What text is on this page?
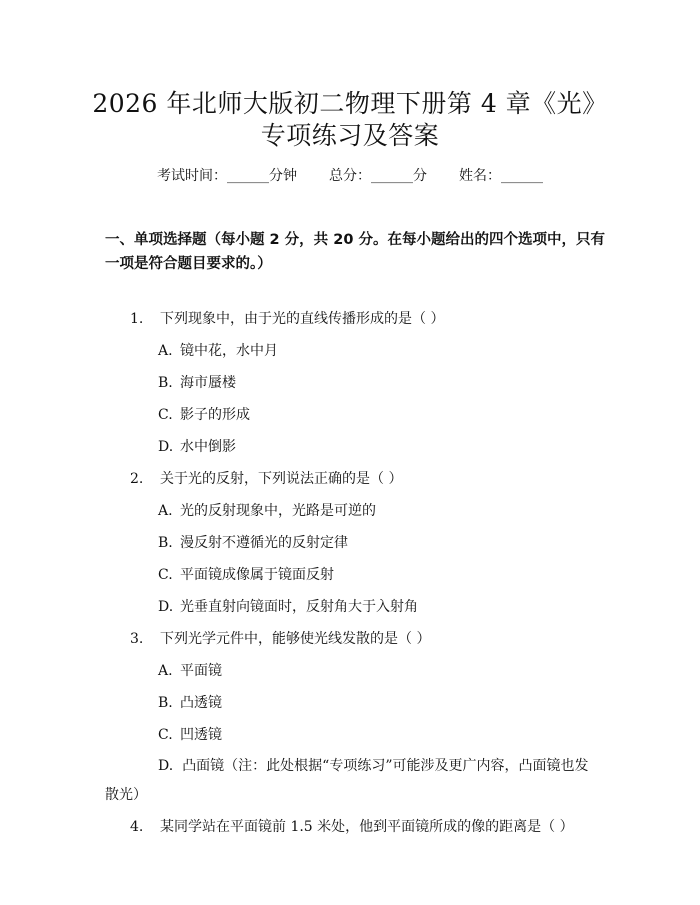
2026 年北师大版初二物理下册第 4 章《光》
专项练习及答案
考试时间：______分钟 总分：______分 姓名：______
一、单项选择题（每小题 2 分，共 20 分。在每小题给出的四个选项中，只有一项是符合题目要求的。）
1. 下列现象中，由于光的直线传播形成的是（ ）
A. 镜中花，水中月
B. 海市蜃楼
C. 影子的形成
D. 水中倒影
2. 关于光的反射，下列说法正确的是（ ）
A. 光的反射现象中，光路是可逆的
B. 漫反射不遵循光的反射定律
C. 平面镜成像属于镜面反射
D. 光垂直射向镜面时，反射角大于入射角
3. 下列光学元件中，能够使光线发散的是（ ）
A. 平面镜
B. 凸透镜
C. 凹透镜
D. 凸面镜（注：此处根据“专项练习”可能涉及更广内容，凸面镜也发散光）
4. 某同学站在平面镜前 1.5 米处，他到平面镜所成的像的距离是（ ）
